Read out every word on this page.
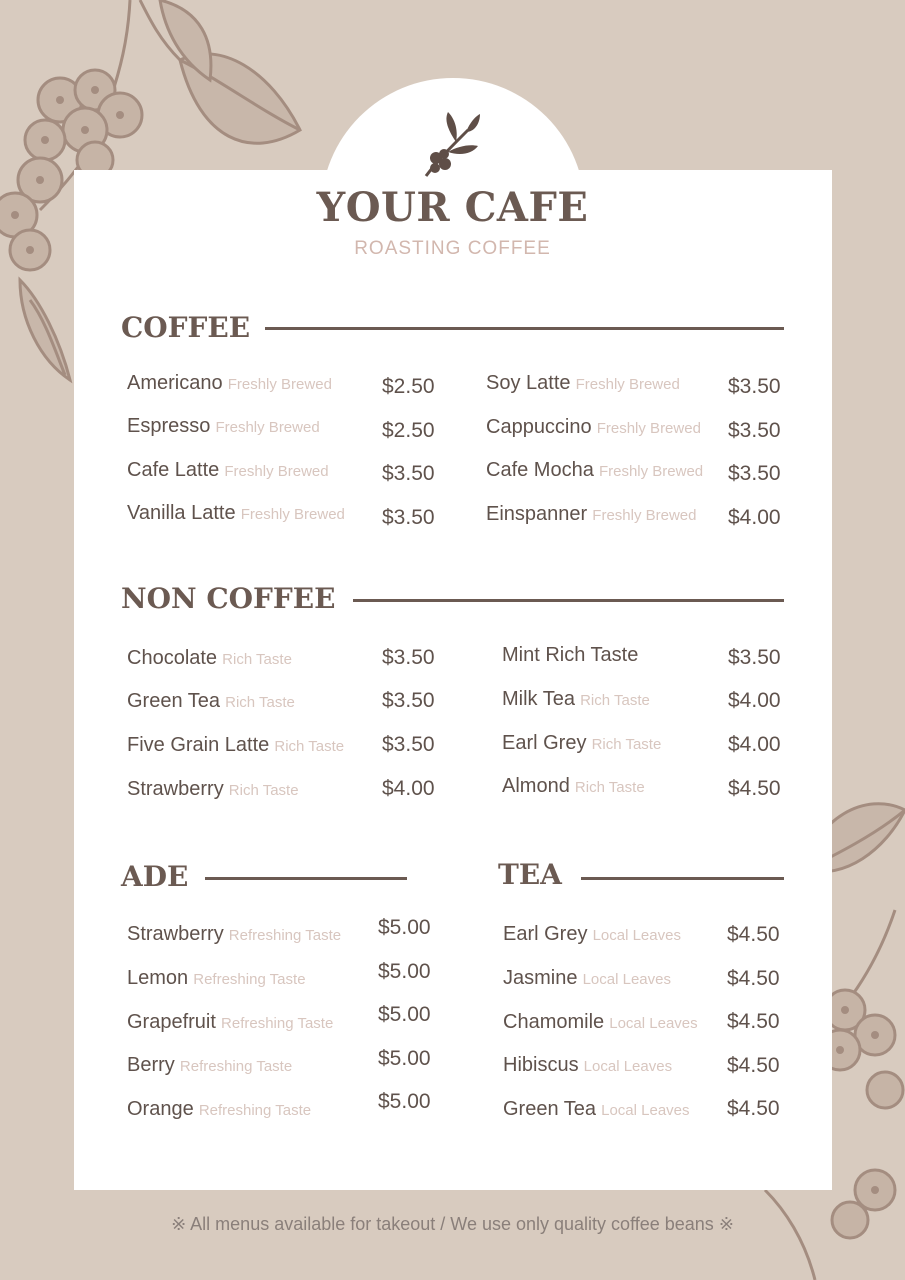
YOUR CAFE
ROASTING COFFEE
COFFEE
Americano Freshly Brewed $2.50
Espresso Freshly Brewed	$2.50
Cafe Latte Freshly Brewed	$3.50
Vanilla Latte Freshly Brewed $3.50
Soy Latte Freshly Brewed $3.50
Cappuccino Freshly Brewed $3.50
Cafe Mocha Freshly Brewed $3.50
Einspanner Freshly Brewed $4.00
NON COFFEE
Chocolate Rich Taste	$3.50
Green Tea Rich Taste	$3.50
Five Grain Latte Rich Taste $3.50
Strawberry Rich Taste	$4.00
Mint Rich Taste	$3.50
Milk Tea Rich Taste	$4.00
Earl Grey Rich Taste	$4.00
Almond Rich Taste	$4.50
ADE
Strawberry Refreshing Taste $5.00
Lemon Refreshing Taste	$5.00
Grapefruit Refreshing Taste $5.00
Berry Refreshing Taste	$5.00
Orange Refreshing Taste	$5.00
TEA
Earl Grey Local Leaves $4.50
Jasmine Local Leaves	$4.50
Chamomile Local Leaves $4.50
Hibiscus Local Leaves	$4.50
Green Tea Local Leaves $4.50
※ All menus available for takeout / We use only quality coffee beans ※
